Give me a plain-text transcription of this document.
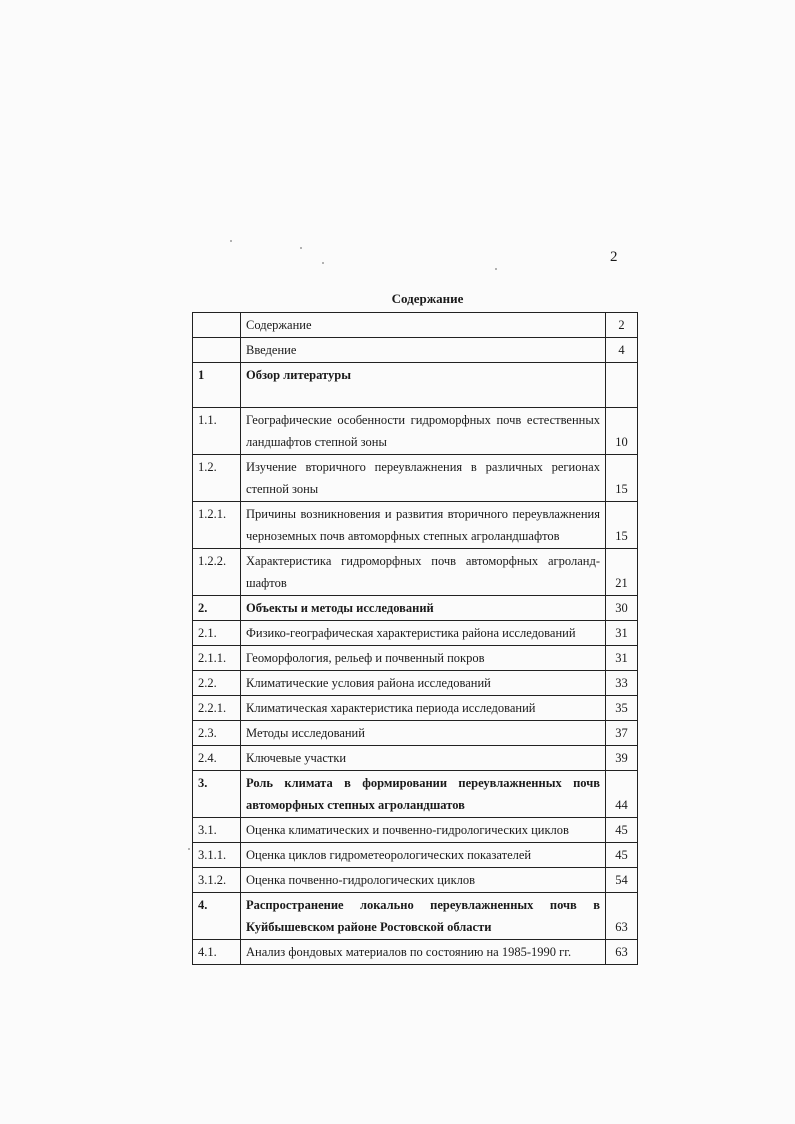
2
Содержание
	Содержание	2
	Введение	4
1	Обзор литературы	
1.1.	Географические особенности гидроморфных почв естественных ландшафтов степной зоны	10
1.2.	Изучение вторичного переувлажнения в различных регионах степной зоны	15
1.2.1.	Причины возникновения и развития вторичного переувлажнения черноземных почв автоморфных степных агроландшафтов	15
1.2.2.	Характеристика гидроморфных почв автоморфных агроланд-шафтов	21
2.	Объекты и методы исследований	30
2.1.	Физико-географическая характеристика района исследований	31
2.1.1.	Геоморфология, рельеф и почвенный покров	31
2.2.	Климатические условия района исследований	33
2.2.1.	Климатическая характеристика периода исследований	35
2.3.	Методы исследований	37
2.4.	Ключевые участки	39
3.	Роль климата в формировании переувлажненных почв автоморфных степных агроландшатов	44
3.1.	Оценка климатических и почвенно-гидрологических циклов	45
3.1.1.	Оценка циклов гидрометеорологических показателей	45
3.1.2.	Оценка почвенно-гидрологических циклов	54
4.	Распространение локально переувлажненных почв в Куйбышевском районе Ростовской области	63
4.1.	Анализ фондовых материалов по состоянию на 1985-1990 гг.	63
